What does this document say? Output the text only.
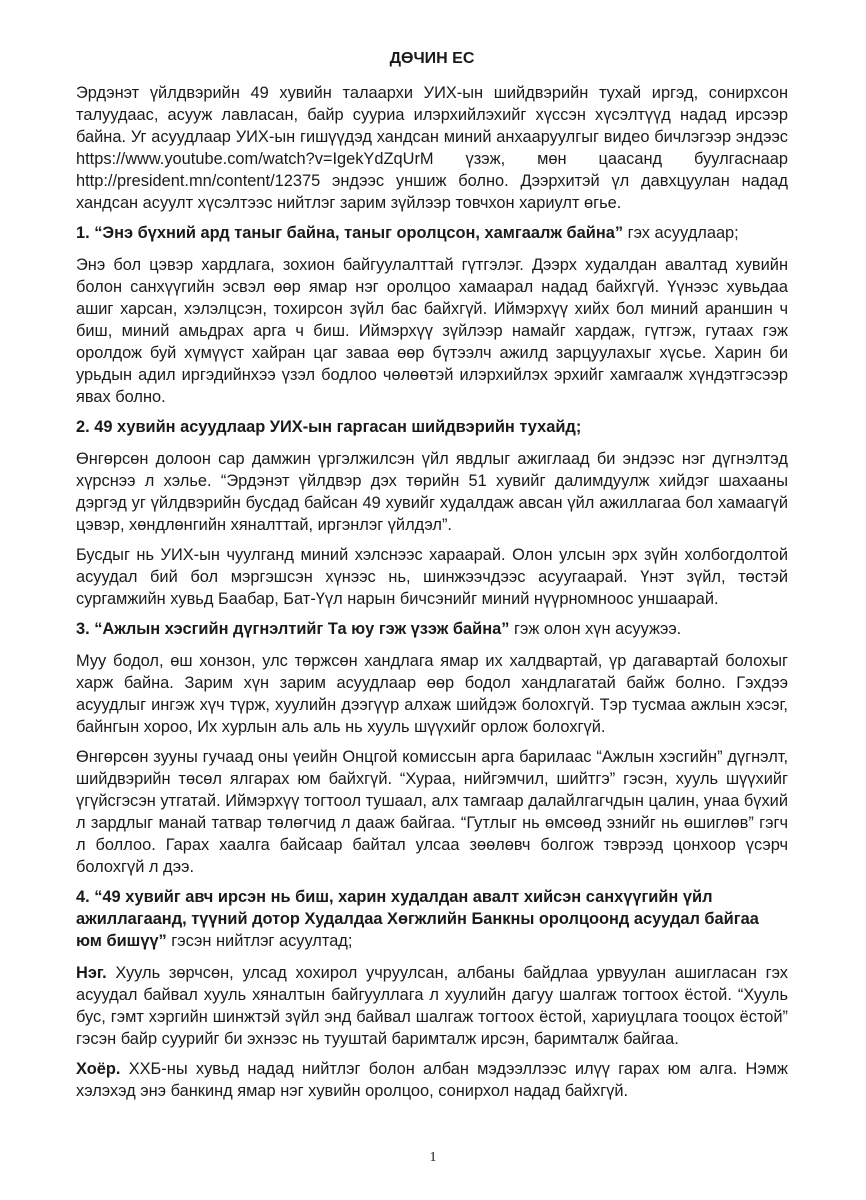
ДӨЧИН ЕС

Эрдэнэт үйлдвэрийн 49 хувийн талаархи УИХ-ын шийдвэрийн тухай иргэд, сонирхсон талуудаас, асууж лавласан, байр сууриа илэрхийлэхийг хүссэн хүсэлтүүд надад ирсээр байна. Уг асуудлаар УИХ-ын гишүүдэд хандсан миний анхааруулгыг видео бичлэгээр эндээс https://www.youtube.com/watch?v=IgekYdZqUrM үзэж, мөн цаасанд буулгаснаар http://president.mn/content/12375 эндээс уншиж болно. Дээрхитэй үл давхцуулан надад хандсан асуулт хүсэлтээс нийтлэг зарим зүйлээр товчхон хариулт өгье.

1. “Энэ бүхний ард таныг байна, таныг оролцсон, хамгаалж байна” гэх асуудлаар;

Энэ бол цэвэр хардлага, зохион байгуулалттай гүтгэлэг. Дээрх худалдан авалтад хувийн болон санхүүгийн эсвэл өөр ямар нэг оролцоо хамаарал надад байхгүй. Үүнээс хувьдаа ашиг харсан, хэлэлцсэн, тохирсон зүйл бас байхгүй. Иймэрхүү хийх бол миний араншин ч биш, миний амьдрах арга ч биш. Иймэрхүү зүйлээр намайг хардаж, гүтгэж, гутаах гэж оролдож буй хүмүүст хайран цаг заваа өөр бүтээлч ажилд зарцуулахыг хүсье. Харин би урьдын адил иргэдийнхээ үзэл бодлоо чөлөөтэй илэрхийлэх эрхийг хамгаалж хүндэтгэсээр явах болно.

2. 49 хувийн асуудлаар УИХ-ын гаргасан шийдвэрийн тухайд;

Өнгөрсөн долоон сар дамжин үргэлжилсэн үйл явдлыг ажиглаад би эндээс нэг дүгнэлтэд хүрснээ л хэлье. “Эрдэнэт үйлдвэр дэх төрийн 51 хувийг далимдуулж хийдэг шахааны дэргэд уг үйлдвэрийн бусдад байсан 49 хувийг худалдаж авсан үйл ажиллагаа бол хамаагүй цэвэр, хөндлөнгийн хяналттай, иргэнлэг үйлдэл”.

Бусдыг нь УИХ-ын чуулганд миний хэлснээс хараарай. Олон улсын эрх зүйн холбогдолтой асуудал бий бол мэргэшсэн хүнээс нь, шинжээчдээс асуугаарай. Үнэт зүйл, төстэй сургамжийн хувьд Баабар, Бат-Үүл нарын бичсэнийг миний нүүрномноос уншаарай.

3. “Ажлын хэсгийн дүгнэлтийг Та юу гэж үзэж байна” гэж олон хүн асуужээ.

Муу бодол, өш хонзон, улс төржсөн хандлага ямар их халдвартай, үр дагавартай болохыг харж байна. Зарим хүн зарим асуудлаар өөр бодол хандлагатай байж болно. Гэхдээ асуудлыг ингэж хүч түрж, хуулийн дээгүүр алхаж шийдэж болохгүй. Тэр тусмаа ажлын хэсэг, байнгын хороо, Их хурлын аль аль нь хууль шүүхийг орлож болохгүй.

Өнгөрсөн зууны гучаад оны үеийн Онцгой комиссын арга барилаас “Ажлын хэсгийн” дүгнэлт, шийдвэрийн төсөл ялгарах юм байхгүй. “Хураа, нийгэмчил, шийтгэ” гэсэн, хууль шүүхийг үгүйсгэсэн утгатай. Иймэрхүү тогтоол тушаал, алх тамгаар далайлгагчдын цалин, унаа бүхий л зардлыг манай татвар төлөгчид л дааж байгаа. “Гутлыг нь өмсөөд эзнийг нь өшиглөв” гэгч л боллоо. Гарах хаалга байсаар байтал улсаа зөөлөвч болгож тэврээд цонхоор үсэрч болохгүй л дээ.

4. “49 хувийг авч ирсэн нь биш, харин худалдан авалт хийсэн санхүүгийн үйл ажиллагаанд, түүний дотор Худалдаа Хөгжлийн Банкны оролцоонд асуудал байгаа юм бишүү” гэсэн нийтлэг асуултад;

Нэг. Хууль зөрчсөн, улсад хохирол учруулсан, албаны байдлаа урвуулан ашигласан гэх асуудал байвал хууль хяналтын байгууллага л хуулийн дагуу шалгаж тогтоох ёстой. “Хууль бус, гэмт хэргийн шинжтэй зүйл энд байвал шалгаж тогтоох ёстой, хариуцлага тооцох ёстой” гэсэн байр суурийг би эхнээс нь тууштай баримталж ирсэн, баримталж байгаа.

Хоёр. ХХБ-ны хувьд надад нийтлэг болон албан мэдээллээс илүү гарах юм алга. Нэмж хэлэхэд энэ банкинд ямар нэг хувийн оролцоо, сонирхол надад байхгүй.

1
